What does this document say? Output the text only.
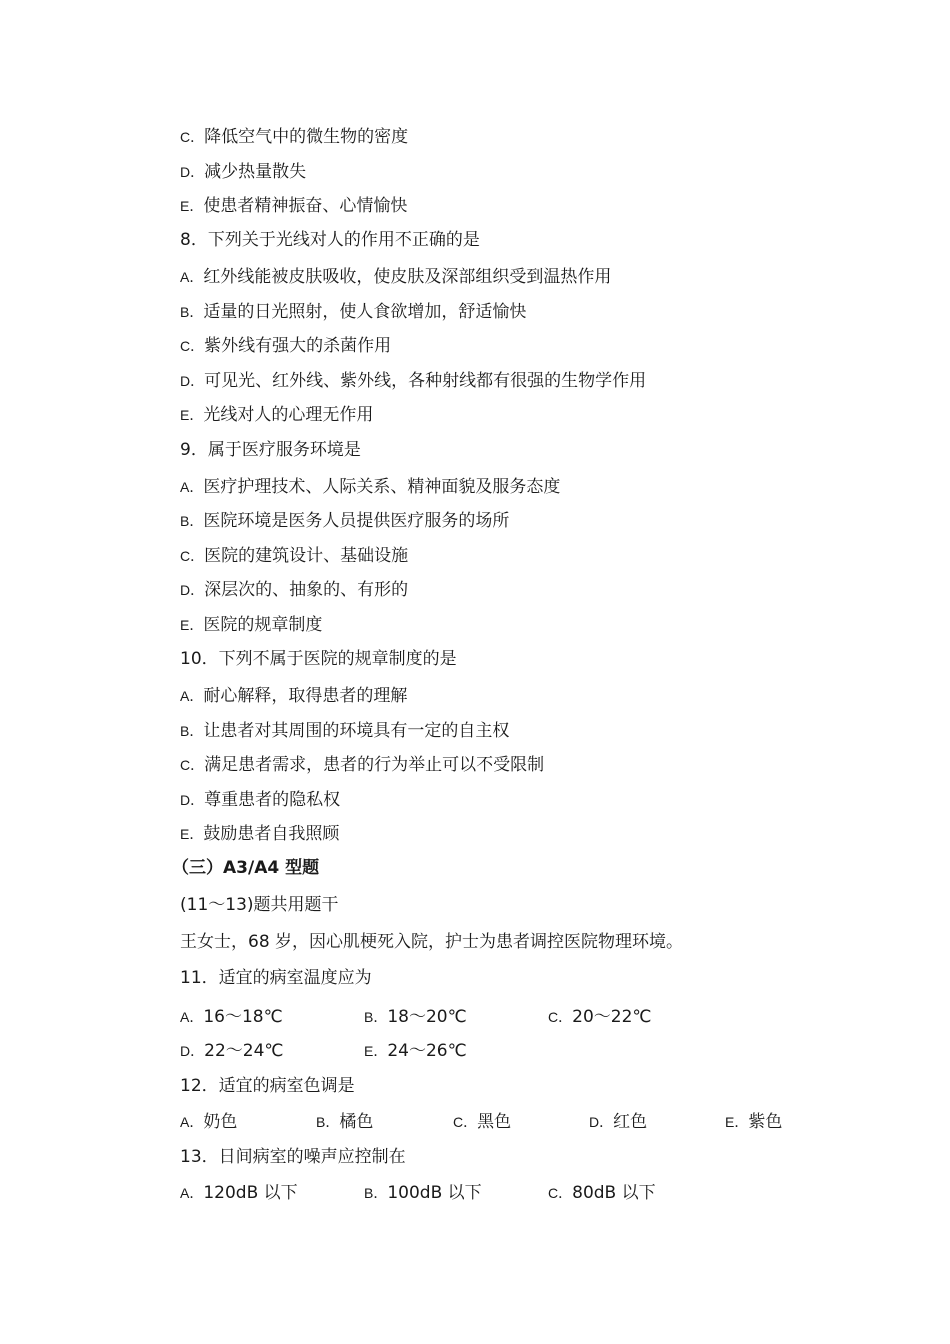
C．降低空气中的微生物的密度
D．减少热量散失
E．使患者精神振奋、心情愉快
8．下列关于光线对人的作用不正确的是
A．红外线能被皮肤吸收，使皮肤及深部组织受到温热作用
B．适量的日光照射，使人食欲增加，舒适愉快
C．紫外线有强大的杀菌作用
D．可见光、红外线、紫外线，各种射线都有很强的生物学作用
E．光线对人的心理无作用
9．属于医疗服务环境是
A．医疗护理技术、人际关系、精神面貌及服务态度
B．医院环境是医务人员提供医疗服务的场所
C．医院的建筑设计、基础设施
D．深层次的、抽象的、有形的
E．医院的规章制度
10．下列不属于医院的规章制度的是
A．耐心解释，取得患者的理解
B．让患者对其周围的环境具有一定的自主权
C．满足患者需求，患者的行为举止可以不受限制
D．尊重患者的隐私权
E．鼓励患者自我照顾
（三）A3/A4 型题
(11～13)题共用题干
王女士，68 岁，因心肌梗死入院，护士为患者调控医院物理环境。
11．适宜的病室温度应为
A．16～18℃	B．18～20℃	C．20～22℃
D．22～24℃	E．24～26℃
12．适宜的病室色调是
A．奶色	B．橘色	C．黑色	D．红色	E．紫色
13．日间病室的噪声应控制在
A．120dB 以下	B．100dB 以下	C．80dB 以下
